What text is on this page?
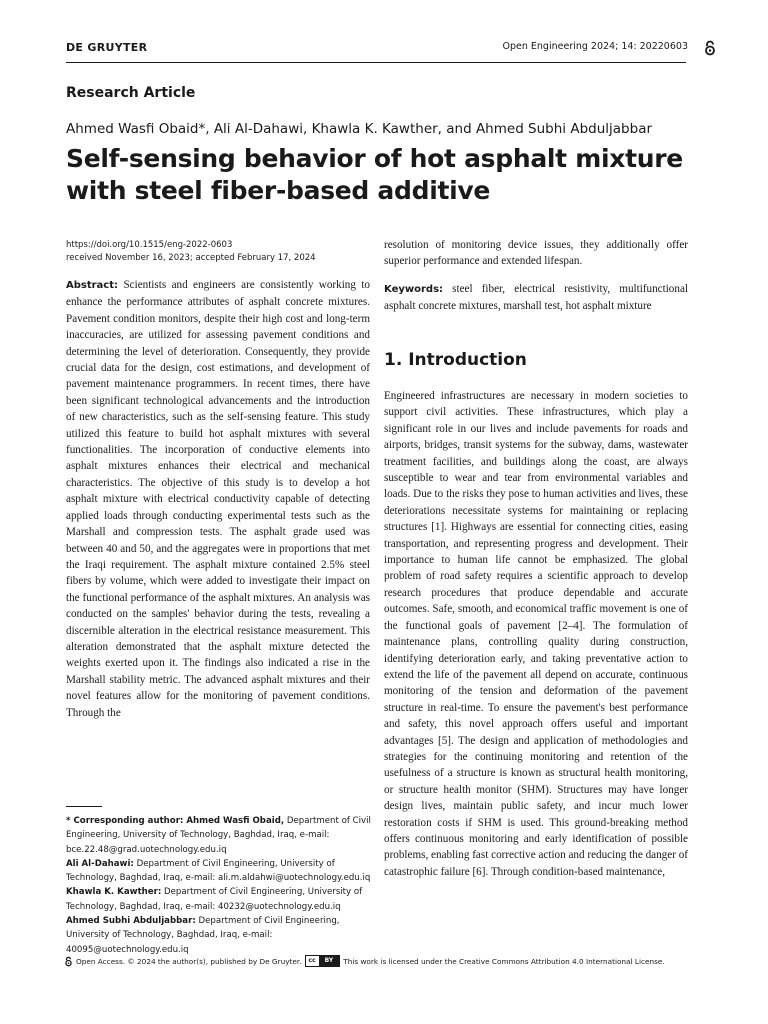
DE GRUYTER	Open Engineering 2024; 14: 20220603
Research Article
Ahmed Wasfi Obaid*, Ali Al-Dahawi, Khawla K. Kawther, and Ahmed Subhi Abduljabbar
Self-sensing behavior of hot asphalt mixture with steel fiber-based additive
https://doi.org/10.1515/eng-2022-0603
received November 16, 2023; accepted February 17, 2024
Abstract: Scientists and engineers are consistently working to enhance the performance attributes of asphalt concrete mixtures. Pavement condition monitors, despite their high cost and long-term inaccuracies, are utilized for assessing pavement conditions and determining the level of deterioration. Consequently, they provide crucial data for the design, cost estimations, and development of pavement maintenance programmers. In recent times, there have been significant technological advancements and the introduction of new characteristics, such as the self-sensing feature. This study utilized this feature to build hot asphalt mixtures with several functionalities. The incorporation of conductive elements into asphalt mixtures enhances their electrical and mechanical characteristics. The objective of this study is to develop a hot asphalt mixture with electrical conductivity capable of detecting applied loads through conducting experimental tests such as the Marshall and compression tests. The asphalt grade used was between 40 and 50, and the aggregates were in proportions that met the Iraqi requirement. The asphalt mixture contained 2.5% steel fibers by volume, which were added to investigate their impact on the functional performance of the asphalt mixtures. An analysis was conducted on the samples' behavior during the tests, revealing a discernible alteration in the electrical resistance measurement. This alteration demonstrated that the asphalt mixture detected the weights exerted upon it. The findings also indicated a rise in the Marshall stability metric. The advanced asphalt mixtures and their novel features allow for the monitoring of pavement conditions. Through the
resolution of monitoring device issues, they additionally offer superior performance and extended lifespan.
Keywords: steel fiber, electrical resistivity, multifunctional asphalt concrete mixtures, marshall test, hot asphalt mixture
1. Introduction
Engineered infrastructures are necessary in modern societies to support civil activities. These infrastructures, which play a significant role in our lives and include pavements for roads and airports, bridges, transit systems for the subway, dams, wastewater treatment facilities, and buildings along the coast, are always susceptible to wear and tear from environmental variables and loads. Due to the risks they pose to human activities and lives, these deteriorations necessitate systems for maintaining or replacing structures [1]. Highways are essential for connecting cities, easing transportation, and representing progress and development. Their importance to human life cannot be emphasized. The global problem of road safety requires a scientific approach to develop research procedures that produce dependable and accurate outcomes. Safe, smooth, and economical traffic movement is one of the functional goals of pavement [2–4]. The formulation of maintenance plans, controlling quality during construction, identifying deterioration early, and taking preventative action to extend the life of the pavement all depend on accurate, continuous monitoring of the tension and deformation of the pavement structure in real-time. To ensure the pavement's best performance and safety, this novel approach offers useful and important advantages [5]. The design and application of methodologies and strategies for the continuing monitoring and retention of the usefulness of a structure is known as structural health monitoring, or structure health monitor (SHM). Structures may have longer design lives, maintain public safety, and incur much lower restoration costs if SHM is used. This ground-breaking method offers continuous monitoring and early identification of possible problems, enabling fast corrective action and reducing the danger of catastrophic failure [6]. Through condition-based maintenance,

* Corresponding author: Ahmed Wasfi Obaid, Department of Civil Engineering, University of Technology, Baghdad, Iraq, e-mail: bce.22.48@grad.uotechnology.edu.iq

Ali Al-Dahawi: Department of Civil Engineering, University of Technology, Baghdad, Iraq, e-mail: ali.m.aldahwi@uotechnology.edu.iq

Khawla K. Kawther: Department of Civil Engineering, University of Technology, Baghdad, Iraq, e-mail: 40232@uotechnology.edu.iq

Ahmed Subhi Abduljabbar: Department of Civil Engineering, University of Technology, Baghdad, Iraq, e-mail: 40095@uotechnology.edu.iq

Open Access. © 2024 the author(s), published by De Gruyter.	cc	BY	This work is licensed under the Creative Commons Attribution 4.0 International License.
